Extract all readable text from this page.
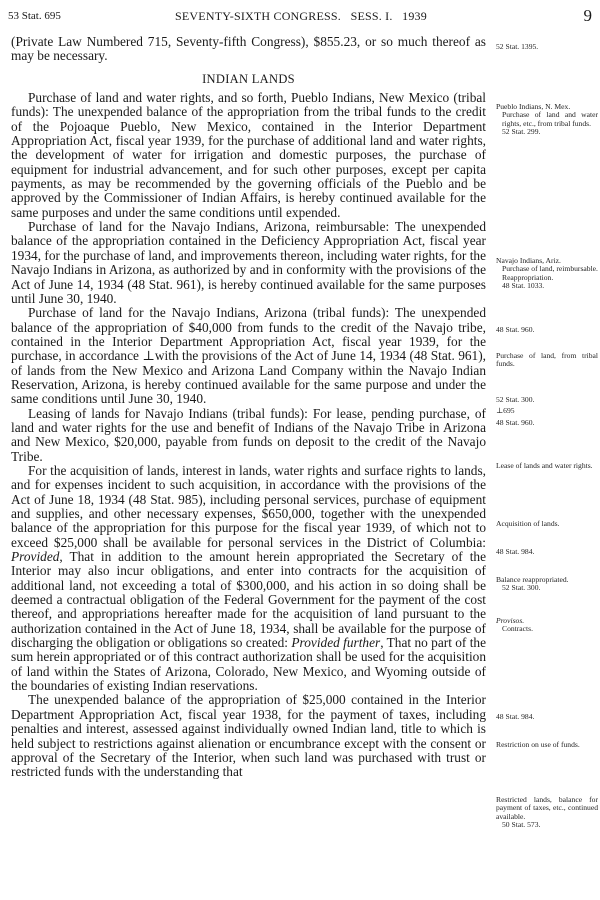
53 Stat. 695	SEVENTY-SIXTH CONGRESS. SESS. I. 1939	9

(Private Law Numbered 715, Seventy-fifth Congress), $855.23, or so much thereof as may be necessary.

INDIAN LANDS

Purchase of land and water rights, and so forth, Pueblo Indians, New Mexico (tribal funds): The unexpended balance of the appropriation from the tribal funds to the credit of the Pojoaque Pueblo, New Mexico, contained in the Interior Department Appropriation Act, fiscal year 1939, for the purchase of additional land and water rights, the development of water for irrigation and domestic purposes, the purchase of equipment for industrial advancement, and for such other purposes, except per capita payments, as may be recommended by the governing officials of the Pueblo and be approved by the Commissioner of Indian Affairs, is hereby continued available for the same purposes and under the same conditions until expended.

Purchase of land for the Navajo Indians, Arizona, reimbursable: The unexpended balance of the appropriation contained in the Deficiency Appropriation Act, fiscal year 1934, for the purchase of land, and improvements thereon, including water rights, for the Navajo Indians in Arizona, as authorized by and in conformity with the provisions of the Act of June 14, 1934 (48 Stat. 961), is hereby continued available for the same purposes until June 30, 1940.

Purchase of land for the Navajo Indians, Arizona (tribal funds): The unexpended balance of the appropriation of $40,000 from funds to the credit of the Navajo tribe, contained in the Interior Department Appropriation Act, fiscal year 1939, for the purchase, in accordance ⊥with the provisions of the Act of June 14, 1934 (48 Stat. 961), of lands from the New Mexico and Arizona Land Company within the Navajo Indian Reservation, Arizona, is hereby continued available for the same purpose and under the same conditions until June 30, 1940.

Leasing of lands for Navajo Indians (tribal funds): For lease, pending purchase, of land and water rights for the use and benefit of Indians of the Navajo Tribe in Arizona and New Mexico, $20,000, payable from funds on deposit to the credit of the Navajo Tribe.

For the acquisition of lands, interest in lands, water rights and surface rights to lands, and for expenses incident to such acquisition, in accordance with the provisions of the Act of June 18, 1934 (48 Stat. 985), including personal services, purchase of equipment and supplies, and other necessary expenses, $650,000, together with the unexpended balance of the appropriation for this purpose for the fiscal year 1939, of which not to exceed $25,000 shall be available for personal services in the District of Columbia: Provided, That in addition to the amount herein appropriated the Secretary of the Interior may also incur obligations, and enter into contracts for the acquisition of additional land, not exceeding a total of $300,000, and his action in so doing shall be deemed a contractual obligation of the Federal Government for the payment of the cost thereof, and appropriations hereafter made for the acquisition of land pursuant to the authorization contained in the Act of June 18, 1934, shall be available for the purpose of discharging the obligation or obligations so created: Provided further, That no part of the sum herein appropriated or of this contract authorization shall be used for the acquisition of land within the States of Arizona, Colorado, New Mexico, and Wyoming outside of the boundaries of existing Indian reservations.

The unexpended balance of the appropriation of $25,000 contained in the Interior Department Appropriation Act, fiscal year 1938, for the payment of taxes, including penalties and interest, assessed against individually owned Indian land, title to which is held subject to restrictions against alienation or encumbrance except with the consent or approval of the Secretary of the Interior, when such land was purchased with trust or restricted funds with the understanding that

52 Stat. 1395.
Pueblo Indians, N. Mex.
Purchase of land and water rights, etc., from tribal funds.
52 Stat. 299.
Navajo Indians, Ariz.
Purchase of land, reimbursable.
Reappropriation.
48 Stat. 1033.
48 Stat. 960.
Purchase of land, from tribal funds.
52 Stat. 300.
⊥695
48 Stat. 960.
Lease of lands and water rights.
Acquisition of lands.
48 Stat. 984.
Balance reappropriated.
52 Stat. 300.
Provisos.
Contracts.
48 Stat. 984.
Restriction on use of funds.
Restricted lands, balance for payment of taxes, etc., continued available.
50 Stat. 573.
